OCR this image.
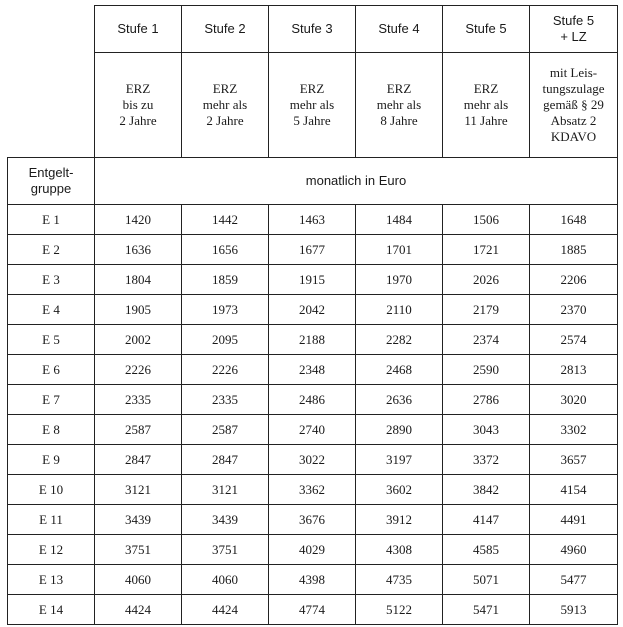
	Stufe 1	Stufe 2	Stufe 3	Stufe 4	Stufe 5	Stufe 5
+ LZ

	ERZ
bis zu
2 Jahre	ERZ
mehr als
2 Jahre	ERZ
mehr als
5 Jahre	ERZ
mehr als
8 Jahre	ERZ
mehr als
11 Jahre	mit Leis-
tungszulage
gemäß § 29
Absatz 2
KDAVO

Entgelt-
gruppe	monatlich in Euro					
E 1	1420	1442	1463	1484	1506	1648
E 2	1636	1656	1677	1701	1721	1885
E 3	1804	1859	1915	1970	2026	2206
E 4	1905	1973	2042	2110	2179	2370
E 5	2002	2095	2188	2282	2374	2574
E 6	2226	2226	2348	2468	2590	2813
E 7	2335	2335	2486	2636	2786	3020
E 8	2587	2587	2740	2890	3043	3302
E 9	2847	2847	3022	3197	3372	3657
E 10	3121	3121	3362	3602	3842	4154
E 11	3439	3439	3676	3912	4147	4491
E 12	3751	3751	4029	4308	4585	4960
E 13	4060	4060	4398	4735	5071	5477
E 14	4424	4424	4774	5122	5471	5913
